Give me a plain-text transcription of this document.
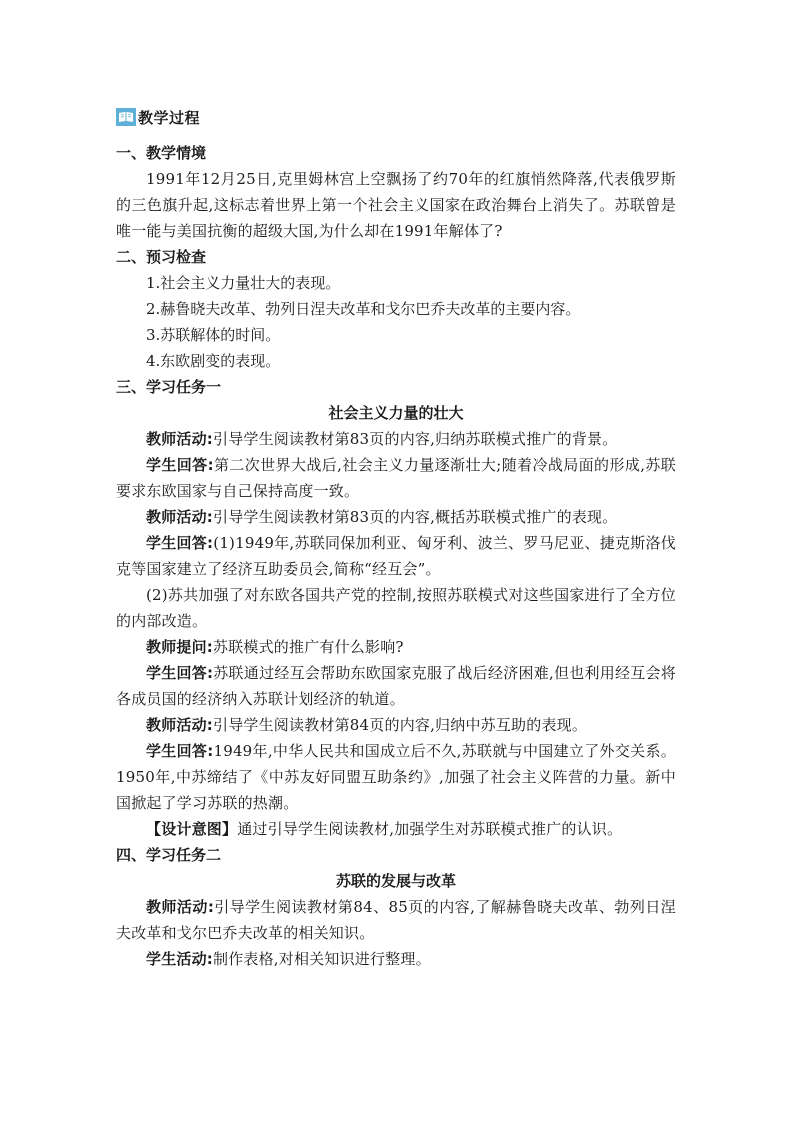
教学过程
一、教学情境

1991年12月25日,克里姆林宫上空飘扬了约70年的红旗悄然降落,代表俄罗斯的三色旗升起,这标志着世界上第一个社会主义国家在政治舞台上消失了。苏联曾是唯一能与美国抗衡的超级大国,为什么却在1991年解体了?

二、预习检查

1.社会主义力量壮大的表现。

2.赫鲁晓夫改革、勃列日涅夫改革和戈尔巴乔夫改革的主要内容。

3.苏联解体的时间。

4.东欧剧变的表现。

三、学习任务一

社会主义力量的壮大

教师活动:引导学生阅读教材第83页的内容,归纳苏联模式推广的背景。

学生回答:第二次世界大战后,社会主义力量逐渐壮大;随着冷战局面的形成,苏联要求东欧国家与自己保持高度一致。

教师活动:引导学生阅读教材第83页的内容,概括苏联模式推广的表现。

学生回答:(1)1949年,苏联同保加利亚、匈牙利、波兰、罗马尼亚、捷克斯洛伐克等国家建立了经济互助委员会,简称“经互会”。

(2)苏共加强了对东欧各国共产党的控制,按照苏联模式对这些国家进行了全方位的内部改造。

教师提问:苏联模式的推广有什么影响?

学生回答:苏联通过经互会帮助东欧国家克服了战后经济困难,但也利用经互会将各成员国的经济纳入苏联计划经济的轨道。

教师活动:引导学生阅读教材第84页的内容,归纳中苏互助的表现。

学生回答:1949年,中华人民共和国成立后不久,苏联就与中国建立了外交关系。1950年,中苏缔结了《中苏友好同盟互助条约》,加强了社会主义阵营的力量。新中国掀起了学习苏联的热潮。

【设计意图】通过引导学生阅读教材,加强学生对苏联模式推广的认识。

四、学习任务二

苏联的发展与改革

教师活动:引导学生阅读教材第84、85页的内容,了解赫鲁晓夫改革、勃列日涅夫改革和戈尔巴乔夫改革的相关知识。

学生活动:制作表格,对相关知识进行整理。
